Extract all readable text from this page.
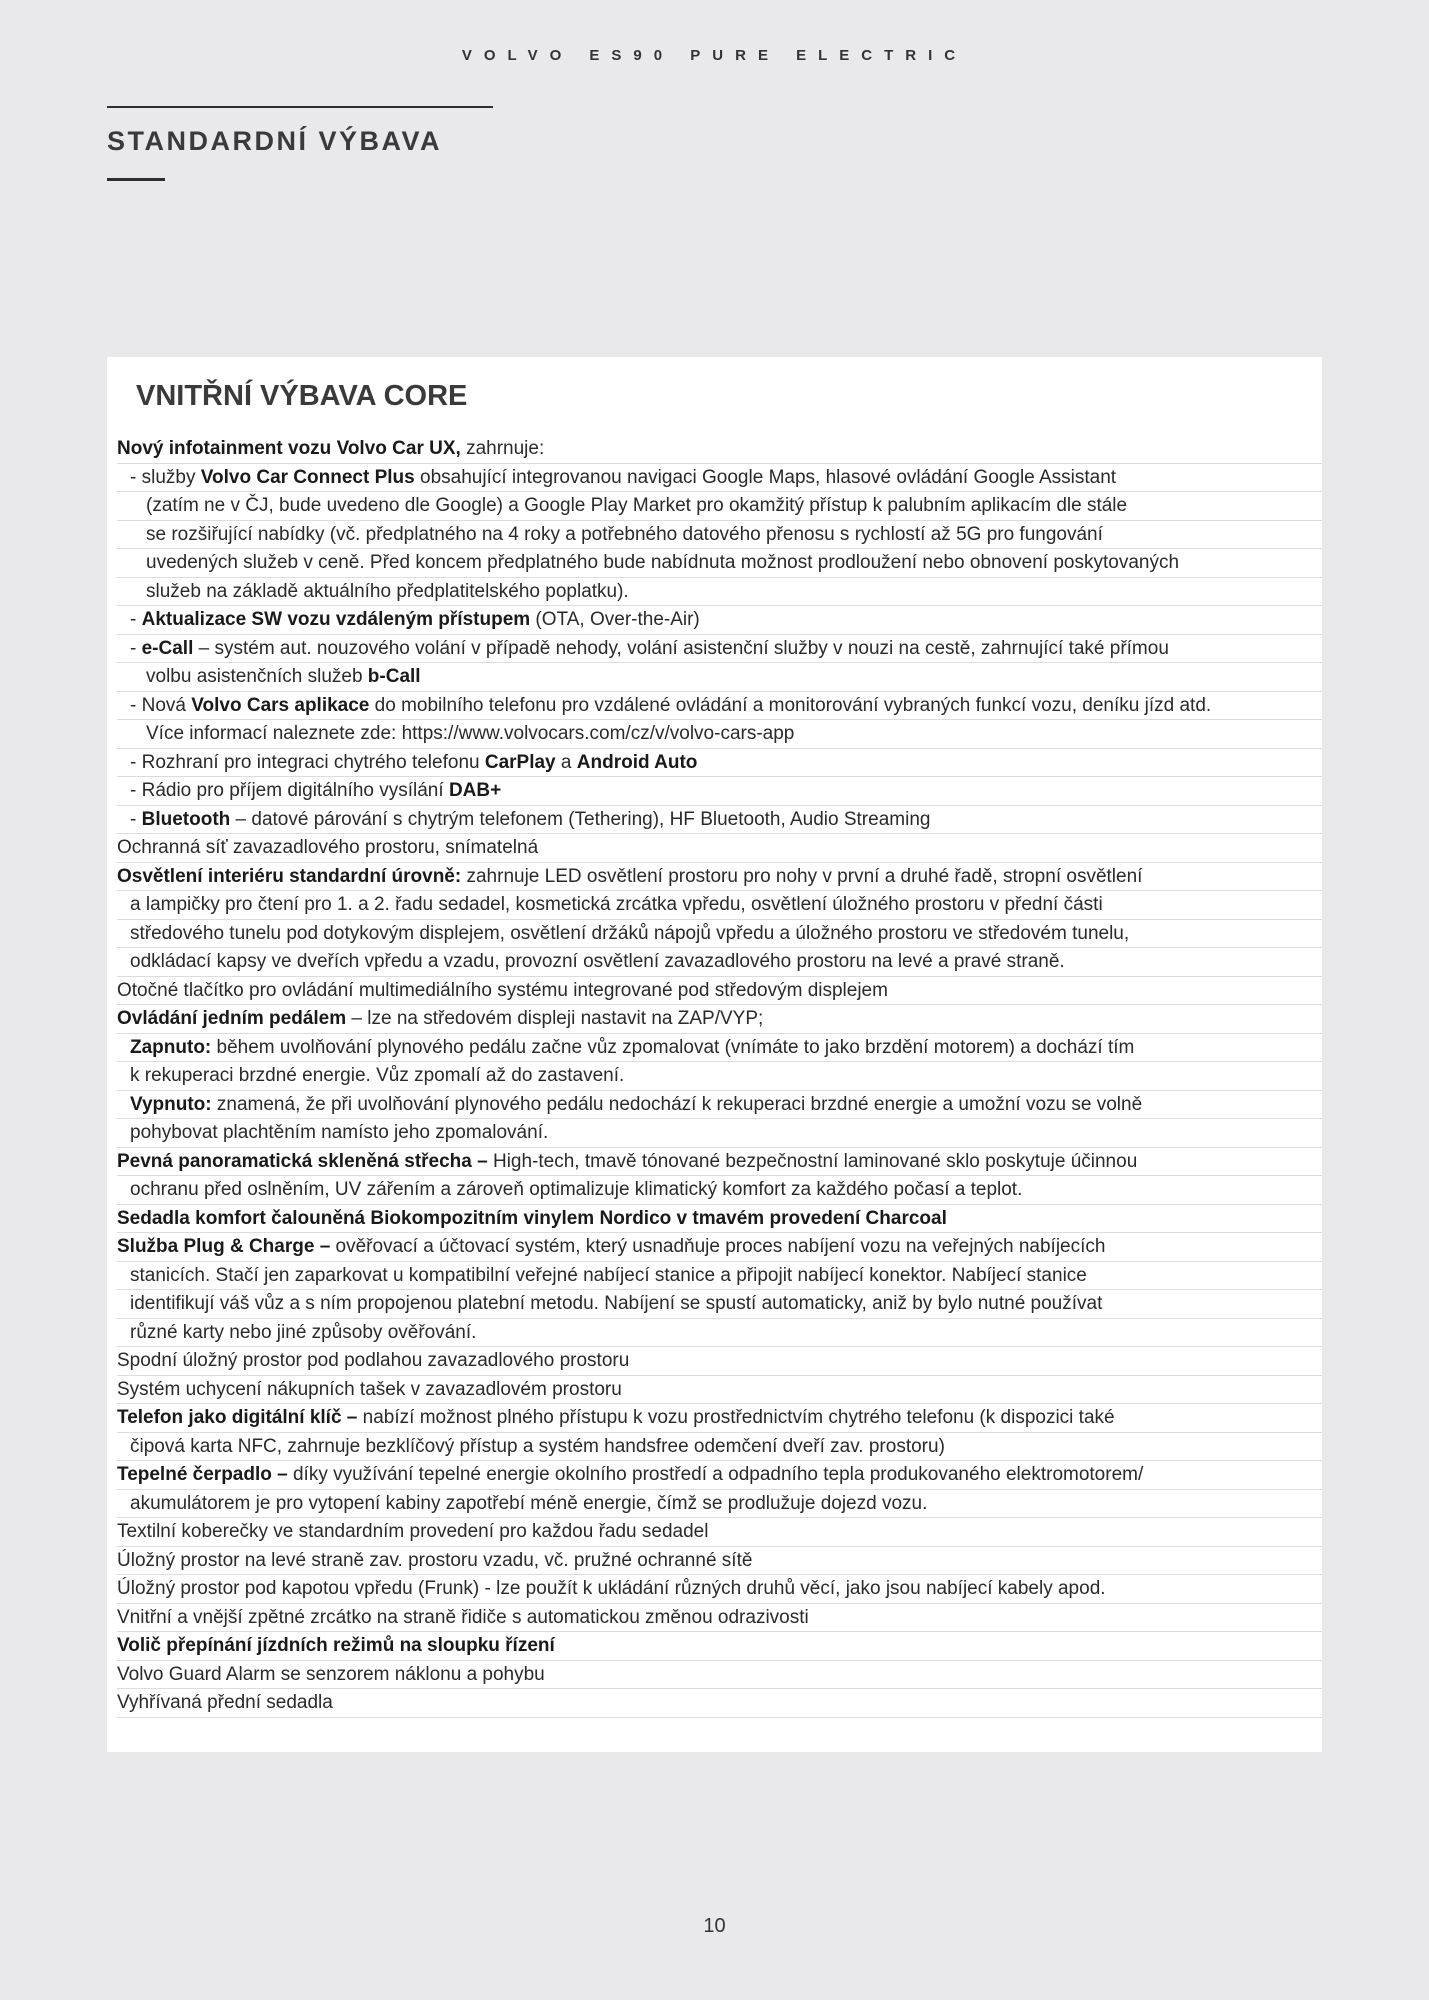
VOLVO ES90 PURE ELECTRIC
STANDARDNÍ VÝBAVA
VNITŘNÍ VÝBAVA CORE
Nový infotainment vozu Volvo Car UX, zahrnuje:
- služby Volvo Car Connect Plus obsahující integrovanou navigaci Google Maps, hlasové ovládání Google Assistant
(zatím ne v ČJ, bude uvedeno dle Google) a Google Play Market pro okamžitý přístup k palubním aplikacím dle stále
se rozšiřující nabídky (vč. předplatného na 4 roky a potřebného datového přenosu s rychlostí až 5G pro fungování
uvedených služeb v ceně. Před koncem předplatného bude nabídnuta možnost prodloužení nebo obnovení poskytovaných
služeb na základě aktuálního předplatitelského poplatku).
- Aktualizace SW vozu vzdáleným přístupem (OTA, Over-the-Air)
- e-Call – systém aut. nouzového volání v případě nehody, volání asistenční služby v nouzi na cestě, zahrnující také přímou
volbu asistenčních služeb b-Call
- Nová Volvo Cars aplikace do mobilního telefonu pro vzdálené ovládání a monitorování vybraných funkcí vozu, deníku jízd atd.
Více informací naleznete zde: https://www.volvocars.com/cz/v/volvo-cars-app
- Rozhraní pro integraci chytrého telefonu CarPlay a Android Auto
- Rádio pro příjem digitálního vysílání DAB+
- Bluetooth – datové párování s chytrým telefonem (Tethering), HF Bluetooth, Audio Streaming
Ochranná síť zavazadlového prostoru, snímatelná
Osvětlení interiéru standardní úrovně: zahrnuje LED osvětlení prostoru pro nohy v první a druhé řadě, stropní osvětlení
a lampičky pro čtení pro 1. a 2. řadu sedadel, kosmetická zrcátka vpředu, osvětlení úložného prostoru v přední části
středového tunelu pod dotykovým displejem, osvětlení držáků nápojů vpředu a úložného prostoru ve středovém tunelu,
odkládací kapsy ve dveřích vpředu a vzadu, provozní osvětlení zavazadlového prostoru na levé a pravé straně.
Otočné tlačítko pro ovládání multimediálního systému integrované pod středovým displejem
Ovládání jedním pedálem – lze na středovém displeji nastavit na ZAP/VYP;
Zapnuto: během uvolňování plynového pedálu začne vůz zpomalovat (vnímáte to jako brzdění motorem) a dochází tím
k rekuperaci brzdné energie. Vůz zpomalí až do zastavení.
Vypnuto: znamená, že při uvolňování plynového pedálu nedochází k rekuperaci brzdné energie a umožní vozu se volně
pohybovat plachtěním namísto jeho zpomalování.
Pevná panoramatická skleněná střecha – High-tech, tmavě tónované bezpečnostní laminované sklo poskytuje účinnou
ochranu před oslněním, UV zářením a zároveň optimalizuje klimatický komfort za každého počasí a teplot.
Sedadla komfort čalouněná Biokompozitním vinylem Nordico v tmavém provedení Charcoal
Služba Plug & Charge – ověřovací a účtovací systém, který usnadňuje proces nabíjení vozu na veřejných nabíjecích
stanicích. Stačí jen zaparkovat u kompatibilní veřejné nabíjecí stanice a připojit nabíjecí konektor. Nabíjecí stanice
identifikují váš vůz a s ním propojenou platební metodu. Nabíjení se spustí automaticky, aniž by bylo nutné používat
různé karty nebo jiné způsoby ověřování.
Spodní úložný prostor pod podlahou zavazadlového prostoru
Systém uchycení nákupních tašek v zavazadlovém prostoru
Telefon jako digitální klíč – nabízí možnost plného přístupu k vozu prostřednictvím chytrého telefonu (k dispozici také
čipová karta NFC, zahrnuje bezklíčový přístup a systém handsfree odemčení dveří zav. prostoru)
Tepelné čerpadlo – díky využívání tepelné energie okolního prostředí a odpadního tepla produkovaného elektromotorem/
akumulátorem je pro vytopení kabiny zapotřebí méně energie, čímž se prodlužuje dojezd vozu.
Textilní koberečky ve standardním provedení pro každou řadu sedadel
Úložný prostor na levé straně zav. prostoru vzadu, vč. pružné ochranné sítě
Úložný prostor pod kapotou vpředu (Frunk) - lze použít k ukládání různých druhů věcí, jako jsou nabíjecí kabely apod.
Vnitřní a vnější zpětné zrcátko na straně řidiče s automatickou změnou odrazivosti
Volič přepínání jízdních režimů na sloupku řízení
Volvo Guard Alarm se senzorem náklonu a pohybu
Vyhřívaná přední sedadla
10
